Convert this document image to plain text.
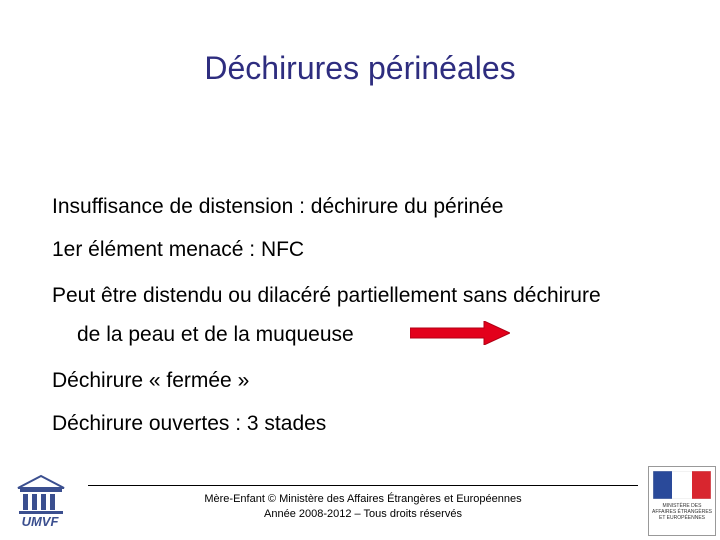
Déchirures périnéales
Insuffisance de distension : déchirure du périnée
1er élément menacé : NFC
Peut être distendu ou dilacéré partiellement sans déchirure
de la peau et de la muqueuse
Déchirure « fermée »
Déchirure ouvertes : 3 stades
UMVF
Mère-Enfant © Ministère des Affaires Étrangères et Européennes
Année 2008-2012 – Tous droits réservés
MINISTÈRE DES AFFAIRES ÉTRANGÈRES ET EUROPÉENNES
